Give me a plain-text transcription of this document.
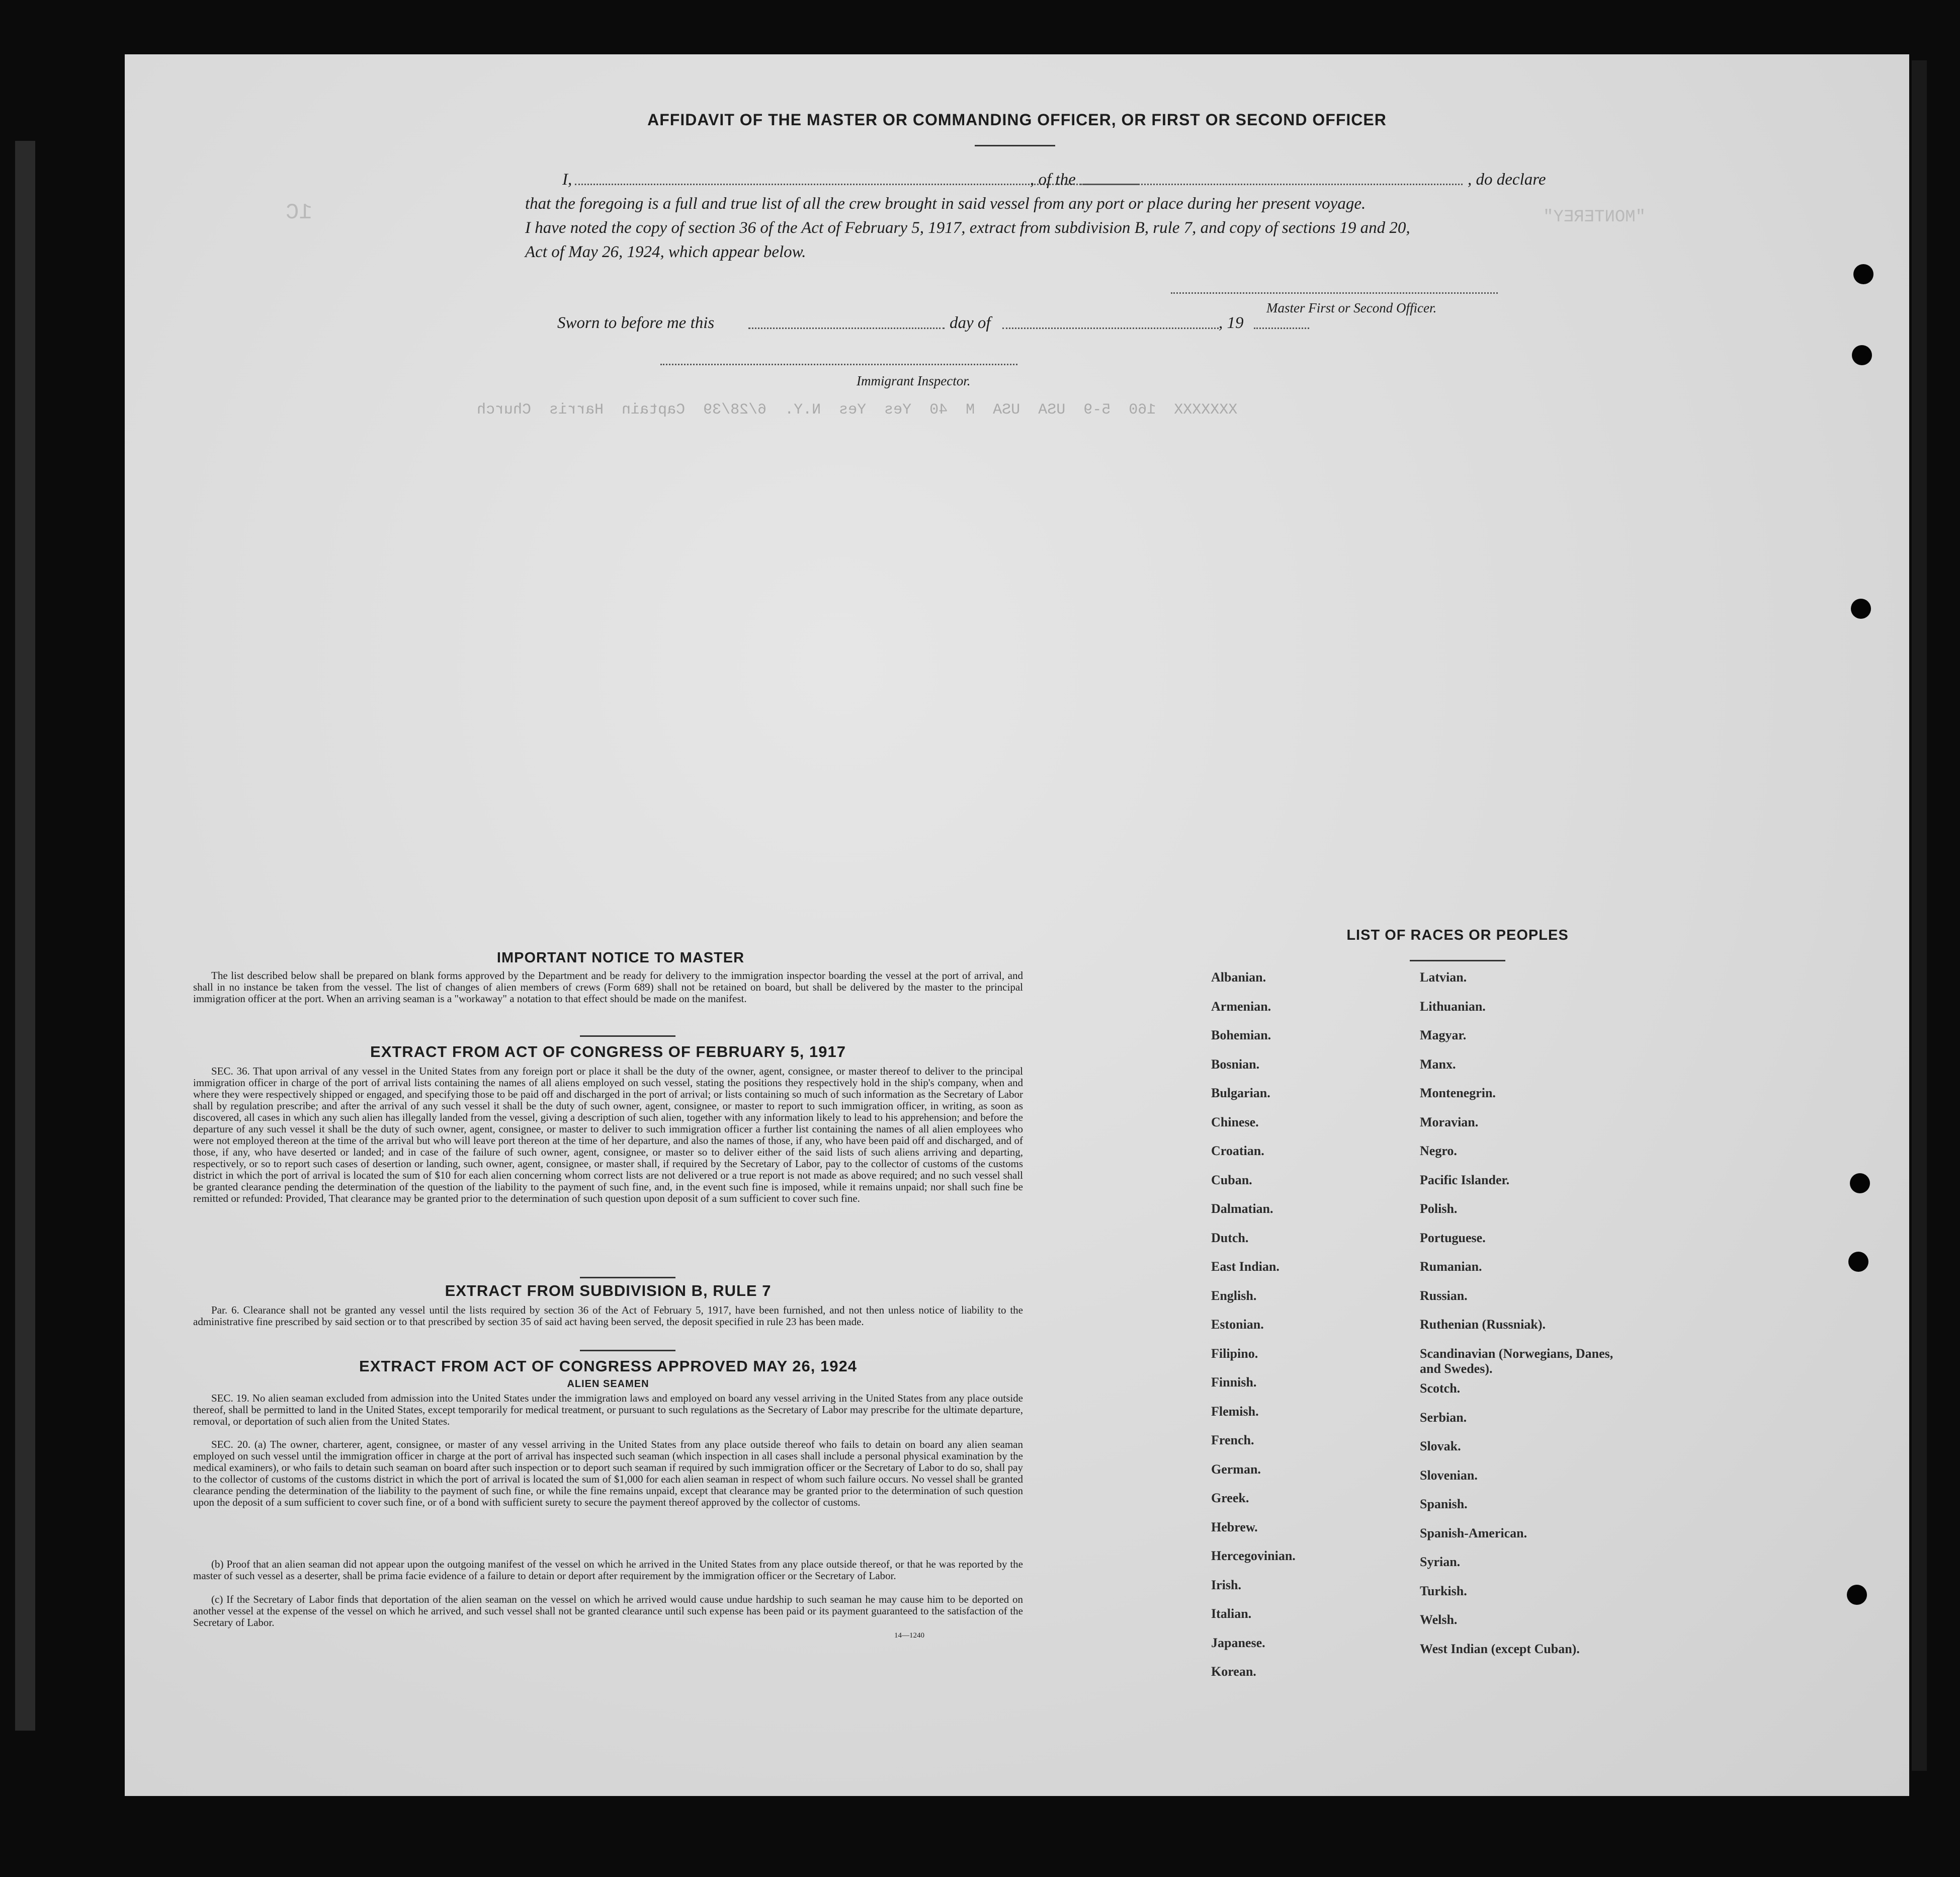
1C	"MONTEREY"
XXXXXXX  160  5-9  USA  USA  M  40  Yes  Yes  N.Y.  6/28/39  Captain  Harris  Church
AFFIDAVIT OF THE MASTER OR COMMANDING OFFICER, OR FIRST OR SECOND OFFICER
I,	, of the	, do declare
that the foregoing is a full and true list of all the crew brought in said vessel from any port or place during her present voyage.
I have noted the copy of section 36 of the Act of February 5, 1917, extract from subdivision B, rule 7, and copy of sections 19 and 20,
Act of May 26, 1924, which appear below.
Master First or Second Officer.
Sworn to before me this	day of	, 19
Immigrant Inspector.
IMPORTANT NOTICE TO MASTER
The list described below shall be prepared on blank forms approved by the Department and be ready for delivery to the immigration inspector boarding the vessel at the port of arrival, and shall in no instance be taken from the vessel. The list of changes of alien members of crews (Form 689) shall not be retained on board, but shall be delivered by the master to the principal immigration officer at the port. When an arriving seaman is a "workaway" a notation to that effect should be made on the manifest.
EXTRACT FROM ACT OF CONGRESS OF FEBRUARY 5, 1917
SEC. 36. That upon arrival of any vessel in the United States from any foreign port or place it shall be the duty of the owner, agent, consignee, or master thereof to deliver to the principal immigration officer in charge of the port of arrival lists containing the names of all aliens employed on such vessel, stating the positions they respectively hold in the ship's company, when and where they were respectively shipped or engaged, and specifying those to be paid off and discharged in the port of arrival; or lists containing so much of such information as the Secretary of Labor shall by regulation prescribe; and after the arrival of any such vessel it shall be the duty of such owner, agent, consignee, or master to report to such immigration officer, in writing, as soon as discovered, all cases in which any such alien has illegally landed from the vessel, giving a description of such alien, together with any information likely to lead to his apprehension; and before the departure of any such vessel it shall be the duty of such owner, agent, consignee, or master to deliver to such immigration officer a further list containing the names of all alien employees who were not employed thereon at the time of the arrival but who will leave port thereon at the time of her departure, and also the names of those, if any, who have been paid off and discharged, and of those, if any, who have deserted or landed; and in case of the failure of such owner, agent, consignee, or master so to deliver either of the said lists of such aliens arriving and departing, respectively, or so to report such cases of desertion or landing, such owner, agent, consignee, or master shall, if required by the Secretary of Labor, pay to the collector of customs of the customs district in which the port of arrival is located the sum of $10 for each alien concerning whom correct lists are not delivered or a true report is not made as above required; and no such vessel shall be granted clearance pending the determination of the question of the liability to the payment of such fine, and, in the event such fine is imposed, while it remains unpaid; nor shall such fine be remitted or refunded: Provided, That clearance may be granted prior to the determination of such question upon deposit of a sum sufficient to cover such fine.
EXTRACT FROM SUBDIVISION B, RULE 7
Par. 6. Clearance shall not be granted any vessel until the lists required by section 36 of the Act of February 5, 1917, have been furnished, and not then unless notice of liability to the administrative fine prescribed by said section or to that prescribed by section 35 of said act having been served, the deposit specified in rule 23 has been made.
EXTRACT FROM ACT OF CONGRESS APPROVED MAY 26, 1924
ALIEN SEAMEN
SEC. 19. No alien seaman excluded from admission into the United States under the immigration laws and employed on board any vessel arriving in the United States from any place outside thereof, shall be permitted to land in the United States, except temporarily for medical treatment, or pursuant to such regulations as the Secretary of Labor may prescribe for the ultimate departure, removal, or deportation of such alien from the United States.
SEC. 20. (a) The owner, charterer, agent, consignee, or master of any vessel arriving in the United States from any place outside thereof who fails to detain on board any alien seaman employed on such vessel until the immigration officer in charge at the port of arrival has inspected such seaman (which inspection in all cases shall include a personal physical examination by the medical examiners), or who fails to detain such seaman on board after such inspection or to deport such seaman if required by such immigration officer or the Secretary of Labor to do so, shall pay to the collector of customs of the customs district in which the port of arrival is located the sum of $1,000 for each alien seaman in respect of whom such failure occurs. No vessel shall be granted clearance pending the determination of the liability to the payment of such fine, or while the fine remains unpaid, except that clearance may be granted prior to the determination of such question upon the deposit of a sum sufficient to cover such fine, or of a bond with sufficient surety to secure the payment thereof approved by the collector of customs.
(b) Proof that an alien seaman did not appear upon the outgoing manifest of the vessel on which he arrived in the United States from any place outside thereof, or that he was reported by the master of such vessel as a deserter, shall be prima facie evidence of a failure to detain or deport after requirement by the immigration officer or the Secretary of Labor.
(c) If the Secretary of Labor finds that deportation of the alien seaman on the vessel on which he arrived would cause undue hardship to such seaman he may cause him to be deported on another vessel at the expense of the vessel on which he arrived, and such vessel shall not be granted clearance until such expense has been paid or its payment guaranteed to the satisfaction of the Secretary of Labor.
14—1240
LIST OF RACES OR PEOPLES
Albanian.
Armenian.
Bohemian.
Bosnian.
Bulgarian.
Chinese.
Croatian.
Cuban.
Dalmatian.
Dutch.
East Indian.
English.
Estonian.
Filipino.
Finnish.
Flemish.
French.
German.
Greek.
Hebrew.
Hercegovinian.
Irish.
Italian.
Japanese.
Korean.
Latvian.
Lithuanian.
Magyar.
Manx.
Montenegrin.
Moravian.
Negro.
Pacific Islander.
Polish.
Portuguese.
Rumanian.
Russian.
Ruthenian (Russniak).
Scandinavian (Norwegians, Danes, and Swedes).
Scotch.
Serbian.
Slovak.
Slovenian.
Spanish.
Spanish-American.
Syrian.
Turkish.
Welsh.
West Indian (except Cuban).
